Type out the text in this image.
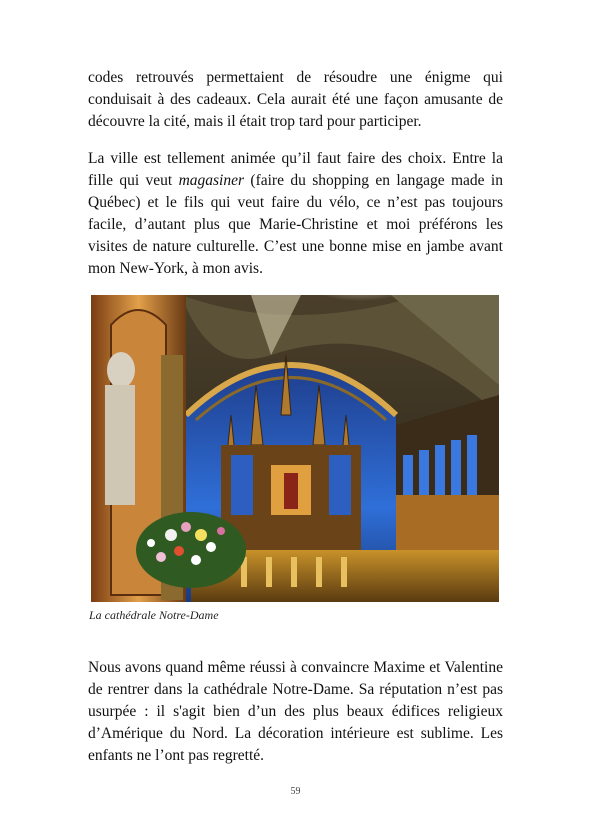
codes retrouvés permettaient de résoudre une énigme qui conduisait à des cadeaux. Cela aurait été une façon amusante de découvre la cité, mais il était trop tard pour participer.

La ville est tellement animée qu’il faut faire des choix. Entre la fille qui veut magasiner (faire du shopping en langage made in Québec) et le fils qui veut faire du vélo, ce n’est pas toujours facile, d’autant plus que Marie-Christine et moi préférons les visites de nature culturelle. C’est une bonne mise en jambe avant mon New-York, à mon avis.

La cathédrale Notre-Dame

Nous avons quand même réussi à convaincre Maxime et Valentine de rentrer dans la cathédrale Notre-Dame. Sa réputation n’est pas usurpée : il s'agit bien d’un des plus beaux édifices religieux d’Amérique du Nord. La décoration intérieure est sublime. Les enfants ne l’ont pas regretté.

59
